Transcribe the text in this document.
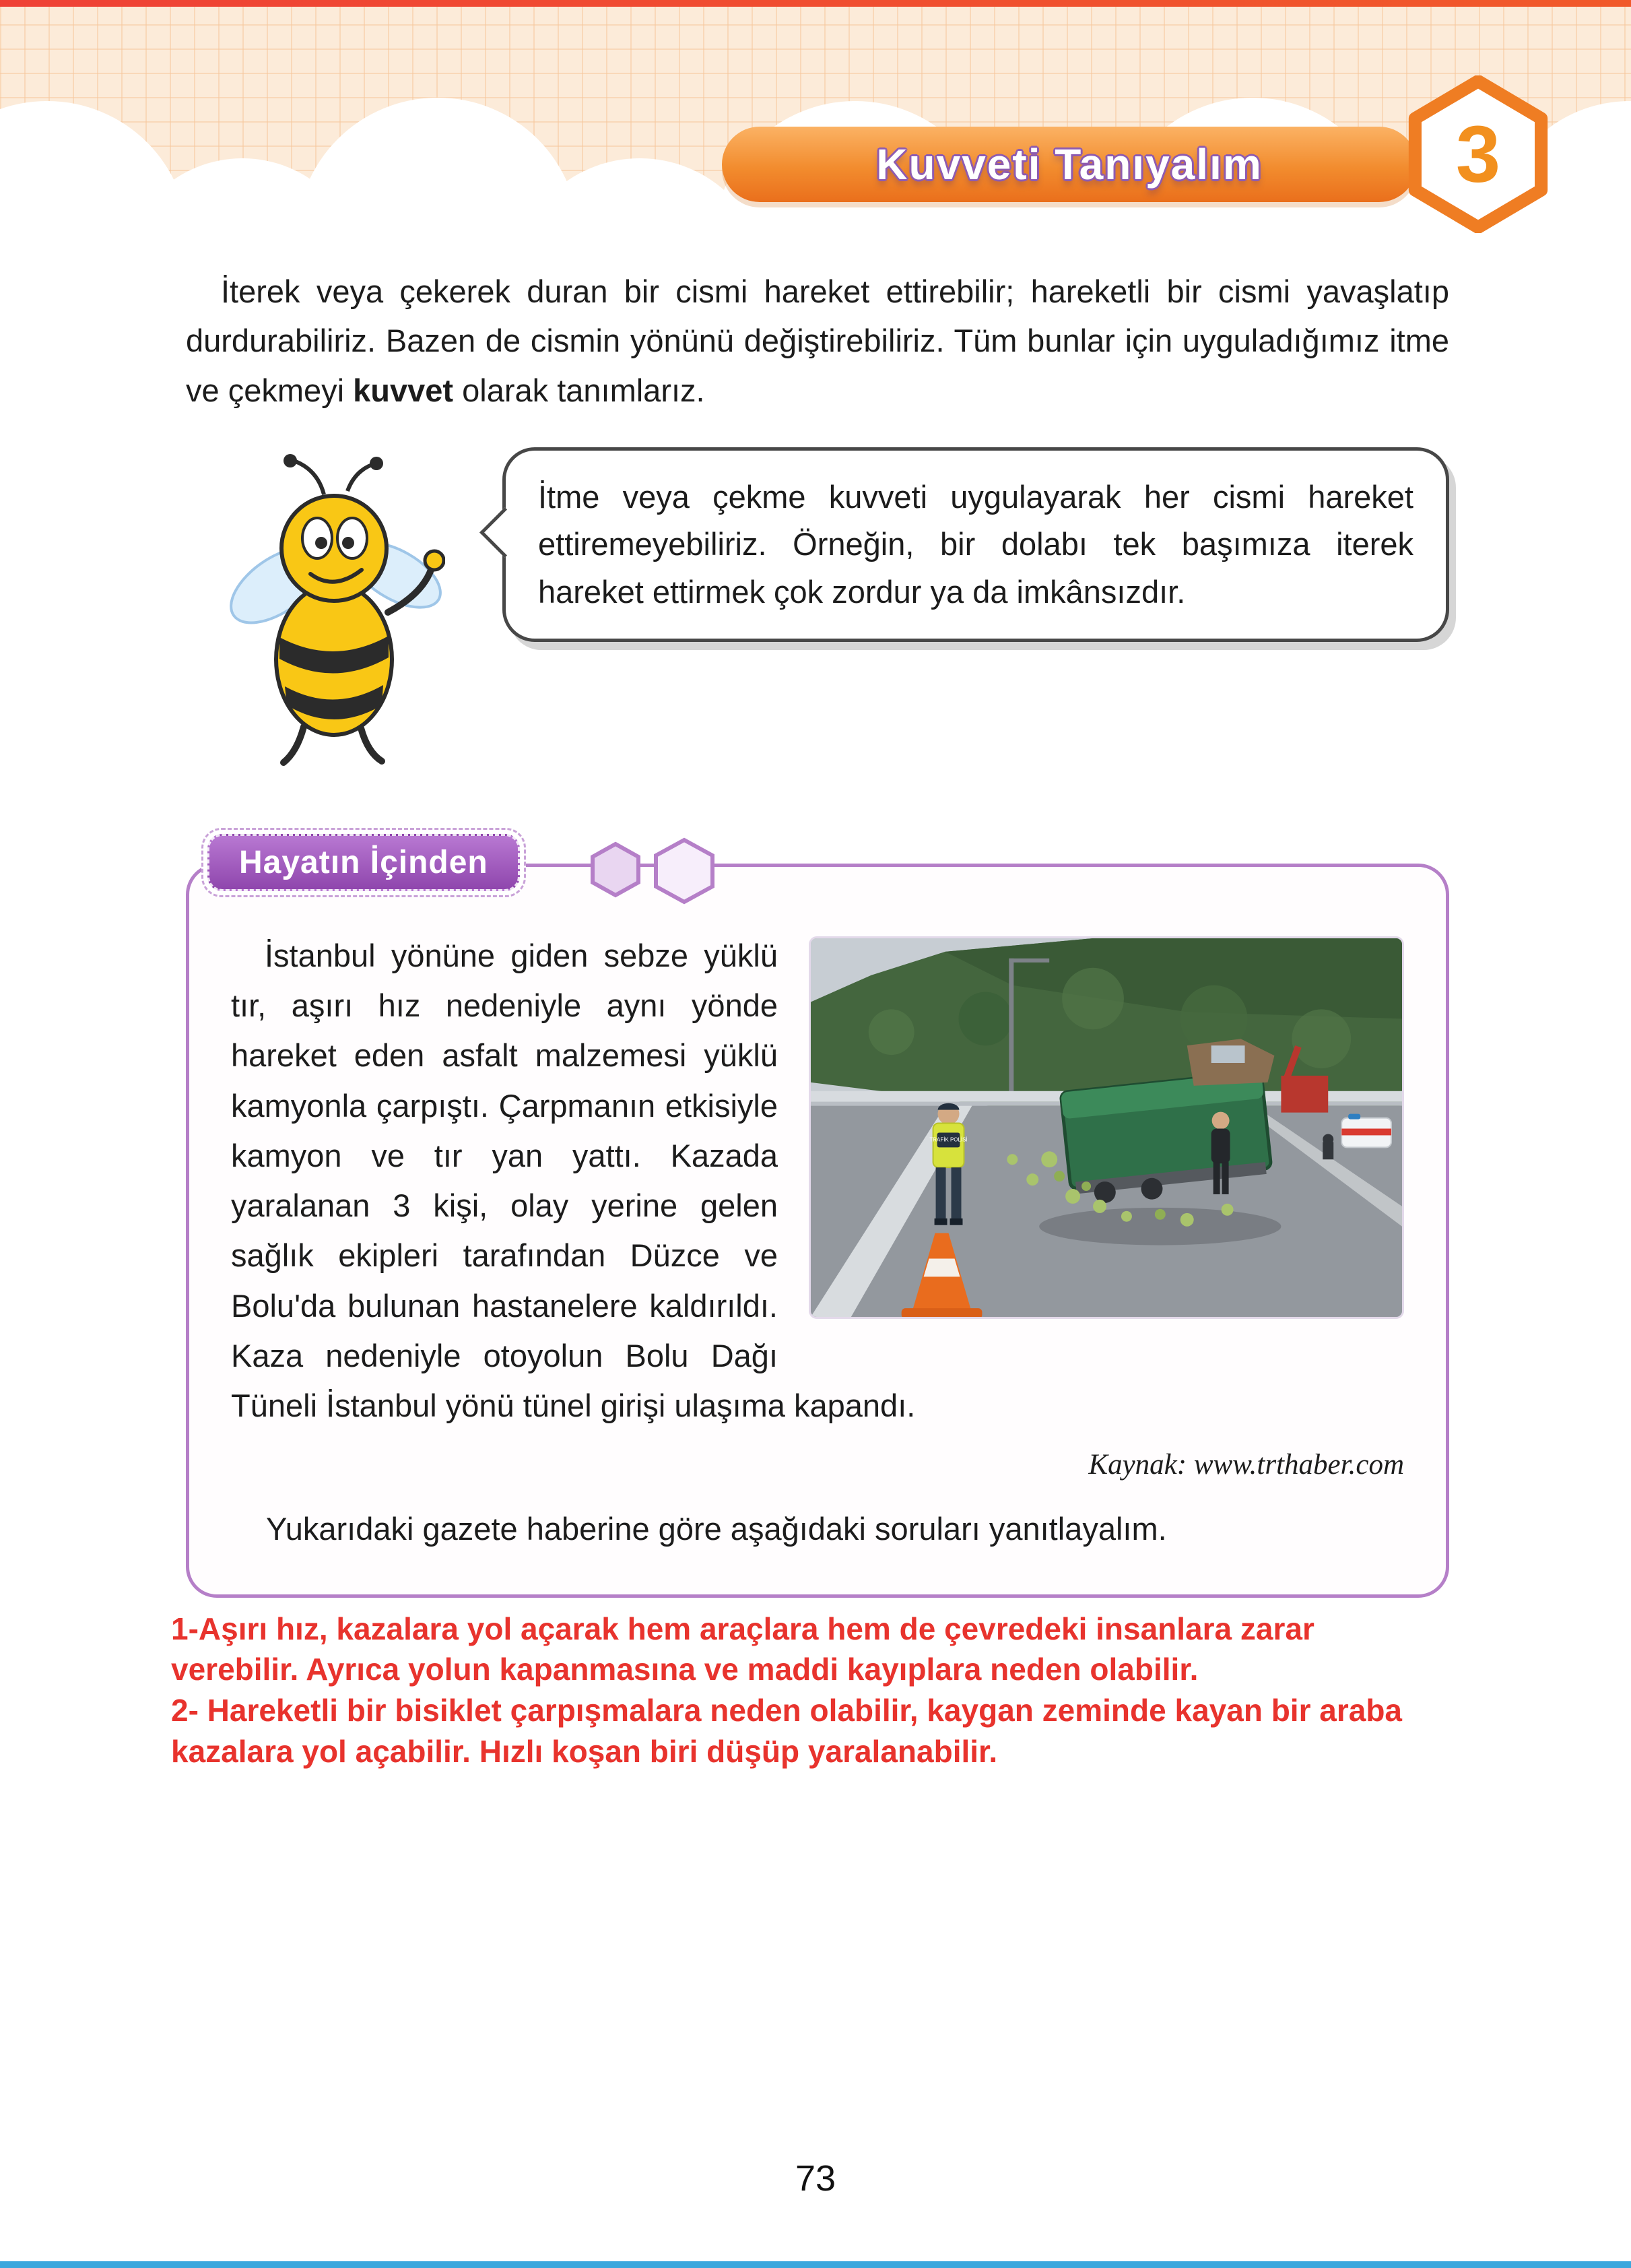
Kuvveti Tanıyalım	3

İterek veya çekerek duran bir cismi hareket ettirebilir; hareketli bir cismi yavaşlatıp durdurabiliriz. Bazen de cismin yönünü değiştirebiliriz. Tüm bunlar için uyguladığımız itme ve çekmeyi kuvvet olarak tanımlarız.

İtme veya çekme kuvveti uygulayarak her cismi hareket ettiremeyebiliriz. Örneğin, bir dolabı tek başımıza iterek hareket ettirmek çok zordur ya da imkânsızdır.
Hayatın İçinden
TRAFİK POLİSİ
İstanbul yönüne giden sebze yüklü tır, aşırı hız nedeniyle aynı yönde hareket eden asfalt malzemesi yüklü kamyonla çarpıştı. Çarpmanın etkisiyle kamyon ve tır yan yattı. Kazada yaralanan 3 kişi, olay yerine gelen sağlık ekipleri tarafından Düzce ve Bolu'da bulunan hastanelere kaldırıldı. Kaza nedeniyle otoyolun Bolu Dağı Tüneli İstanbul yönü tünel girişi ulaşıma kapandı.
Kaynak: www.trthaber.com

Yukarıdaki gazete haberine göre aşağıdaki soruları yanıtlayalım.

1-Aşırı hız, kazalara yol açarak hem araçlara hem de çevredeki insanlara zarar verebilir. Ayrıca yolun kapanmasına ve maddi kayıplara neden olabilir.

2- Hareketli bir bisiklet çarpışmalara neden olabilir, kaygan zeminde kayan bir araba kazalara yol açabilir. Hızlı koşan biri düşüp yaralanabilir.

73
